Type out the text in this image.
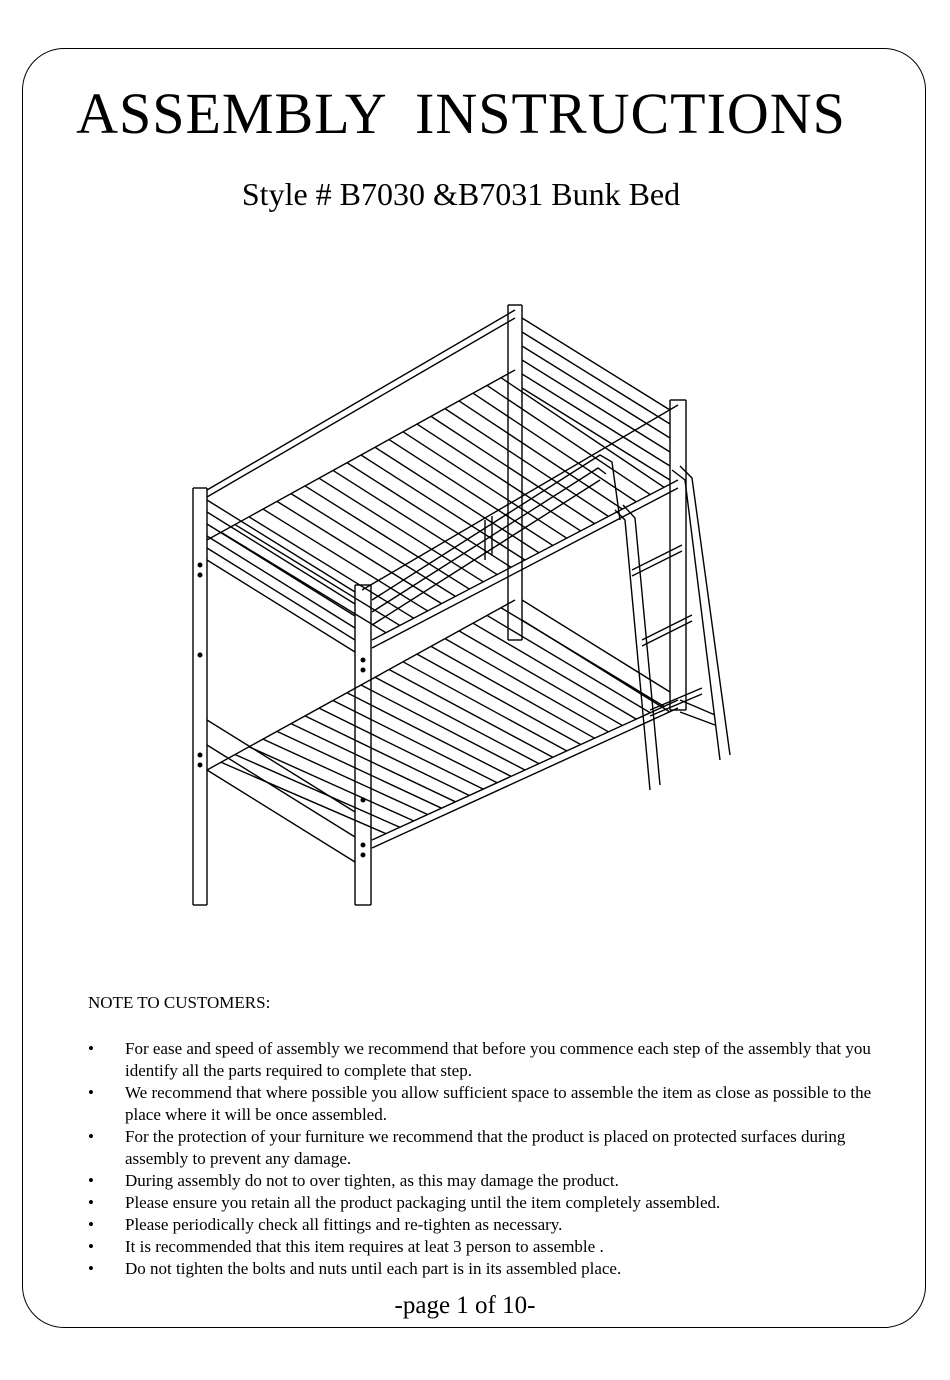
ASSEMBLY INSTRUCTIONS
Style # B7030 &B7031 Bunk Bed
NOTE TO CUSTOMERS:
• For ease and speed of assembly we recommend that before you commence each step of the assembly that you identify all the parts required to complete that step.
• We recommend that where possible you allow sufficient space to assemble the item as close as possible to the place where it will be once assembled.
• For the protection of your furniture we recommend that the product is placed on protected surfaces during assembly to prevent any damage.
• During assembly do not to over tighten, as this may damage the product.
• Please ensure you retain all the product packaging until the item completely assembled.
• Please periodically check all fittings and re-tighten as necessary.
• It is recommended that this item requires at leat 3 person to assemble .
• Do not tighten the bolts and nuts until each part is in its assembled place.
-page 1 of 10-
